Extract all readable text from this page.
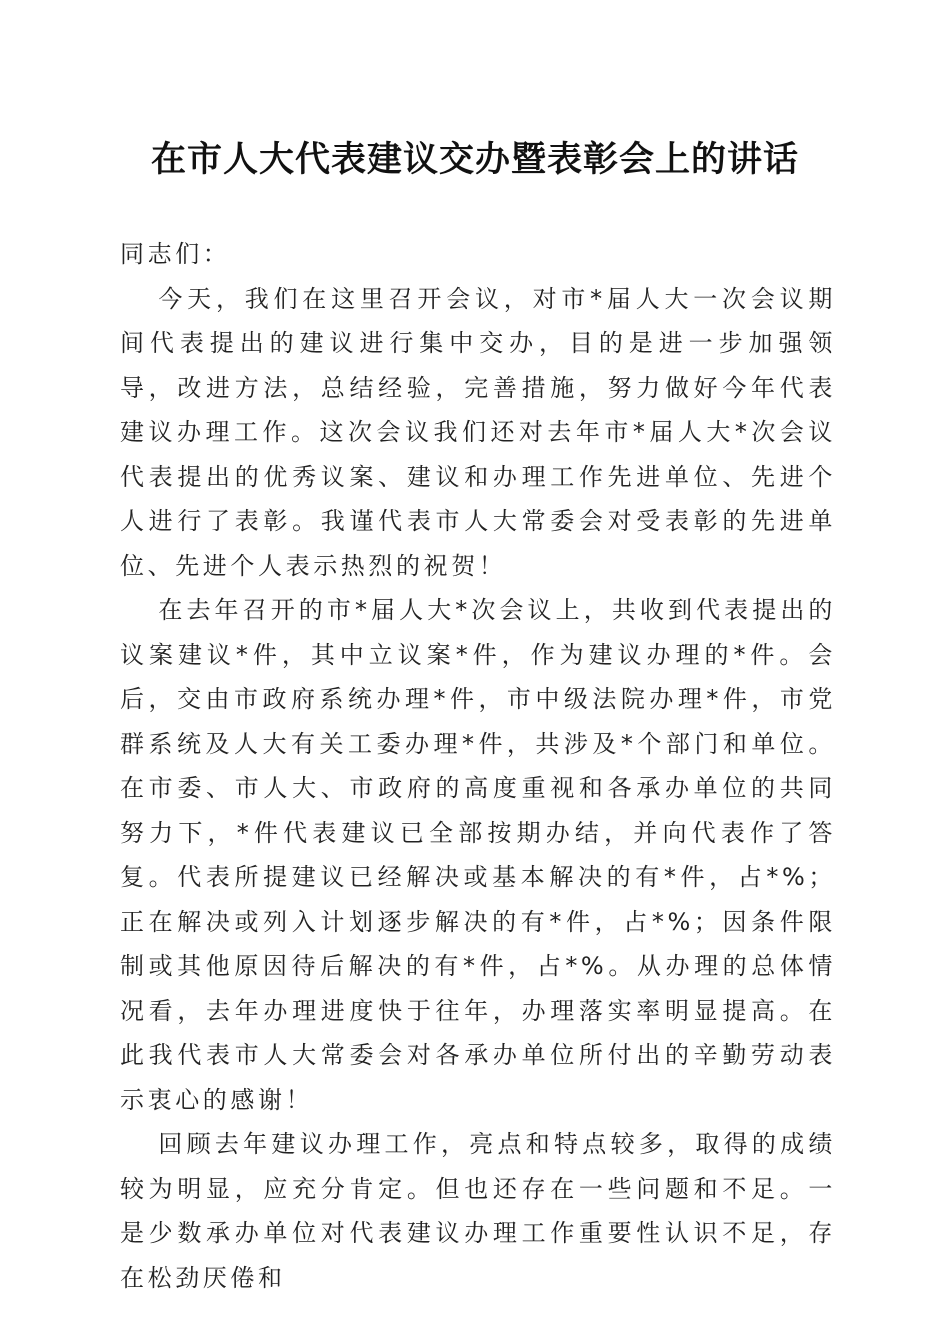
在市人大代表建议交办暨表彰会上的讲话

同志们：

今天，我们在这里召开会议，对市*届人大一次会议期间代表提出的建议进行集中交办，目的是进一步加强领导，改进方法，总结经验，完善措施，努力做好今年代表建议办理工作。这次会议我们还对去年市*届人大*次会议代表提出的优秀议案、建议和办理工作先进单位、先进个人进行了表彰。我谨代表市人大常委会对受表彰的先进单位、先进个人表示热烈的祝贺！

在去年召开的市*届人大*次会议上，共收到代表提出的议案建议*件，其中立议案*件，作为建议办理的*件。会后，交由市政府系统办理*件，市中级法院办理*件，市党群系统及人大有关工委办理*件，共涉及*个部门和单位。在市委、市人大、市政府的高度重视和各承办单位的共同努力下，*件代表建议已全部按期办结，并向代表作了答复。代表所提建议已经解决或基本解决的有*件，占*%；正在解决或列入计划逐步解决的有*件，占*%；因条件限制或其他原因待后解决的有*件，占*%。从办理的总体情况看，去年办理进度快于往年，办理落实率明显提高。在此我代表市人大常委会对各承办单位所付出的辛勤劳动表示衷心的感谢！

回顾去年建议办理工作，亮点和特点较多，取得的成绩较为明显，应充分肯定。但也还存在一些问题和不足。一是少数承办单位对代表建议办理工作重要性认识不足，存在松劲厌倦和
